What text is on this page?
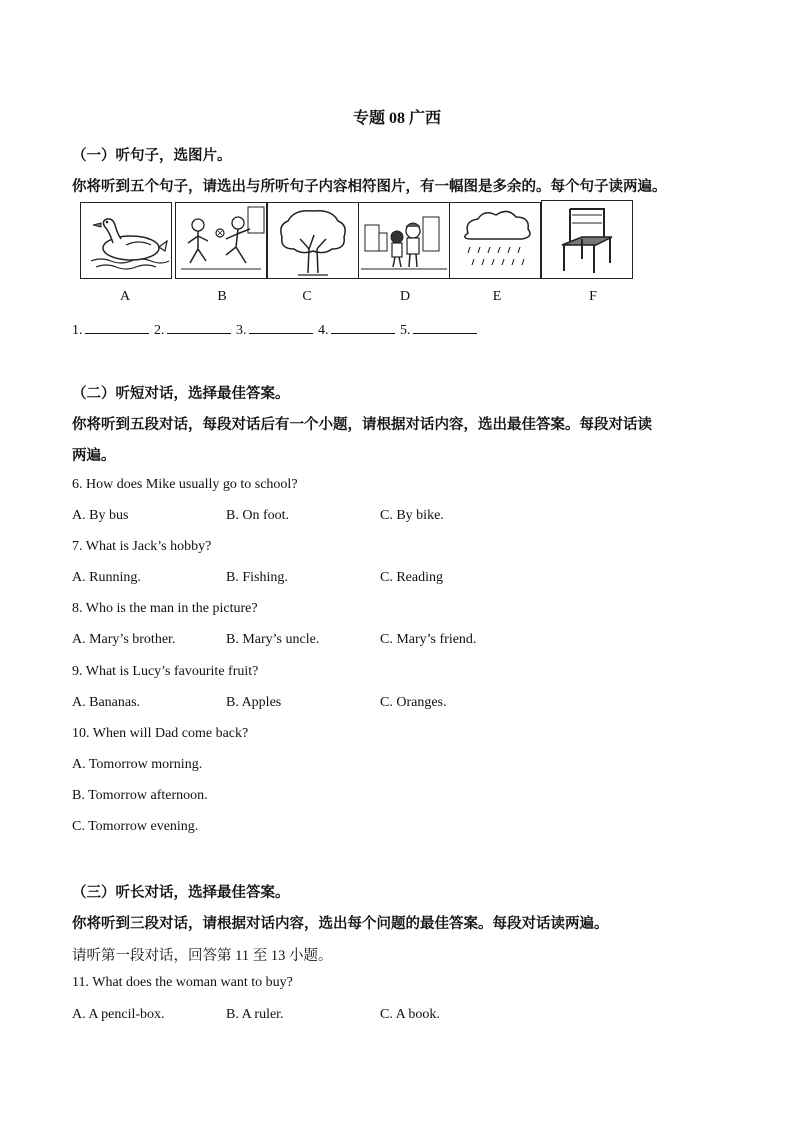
专题 08 广西
（一）听句子，选图片。
你将听到五个句子，请选出与所听句子内容相符图片，有一幅图是多余的。每个句子读两遍。
A	B	C	D	E	F
1.	2.	3.	4.	5.
（二）听短对话，选择最佳答案。
你将听到五段对话，每段对话后有一个小题，请根据对话内容，选出最佳答案。每段对话读
两遍。
6. How does Mike usually go to school?
A. By bus	B. On foot.	C. By bike.
7. What is Jack’s hobby?
A. Running.	B. Fishing.	C. Reading
8. Who is the man in the picture?
A. Mary’s brother.	B. Mary’s uncle.	C. Mary’s friend.
9. What is Lucy’s favourite fruit?
A. Bananas.	B. Apples	C. Oranges.
10. When will Dad come back?
A. Tomorrow morning.
B. Tomorrow afternoon.
C. Tomorrow evening.
（三）听长对话，选择最佳答案。
你将听到三段对话，请根据对话内容，选出每个问题的最佳答案。每段对话读两遍。
请听第一段对话，回答第 11 至 13 小题。
11. What does the woman want to buy?
A. A pencil-box.	B. A ruler.	C. A book.
